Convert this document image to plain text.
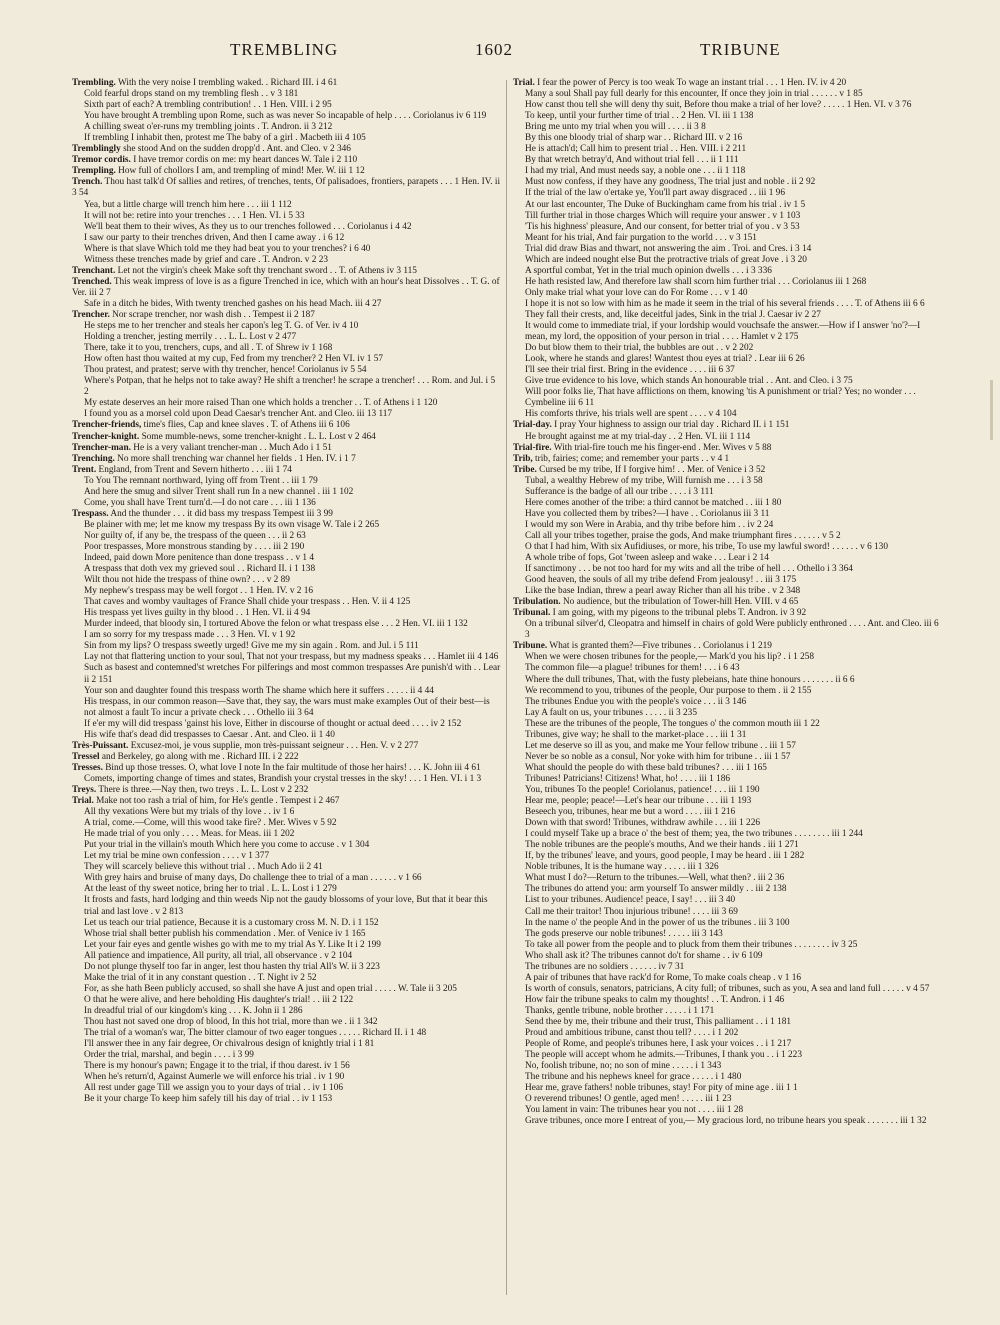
TREMBLING	1602	TRIBUNE

Trembling. With the very noise I trembling waked. . Richard III. i 4 61

Cold fearful drops stand on my trembling flesh . . v 3 181

Sixth part of each? A trembling contribution! . . 1 Hen. VIII. i 2 95

You have brought A trembling upon Rome, such as was never So incapable of help . . . . Coriolanus iv 6 119

A chilling sweat o'er-runs my trembling joints . T. Andron. ii 3 212

If trembling I inhabit then, protest me The baby of a girl . Macbeth iii 4 105

Tremblingly she stood And on the sudden dropp'd . Ant. and Cleo. v 2 346

Tremor cordis. I have tremor cordis on me: my heart dances W. Tale i 2 110

Trempling. How full of chollors I am, and trempling of mind! Mer. W. iii 1 12

Trench. Thou hast talk'd Of sallies and retires, of trenches, tents, Of palisadoes, frontiers, parapets . . . 1 Hen. IV. ii 3 54

Yea, but a little charge will trench him here . . . iii 1 112

It will not be: retire into your trenches . . . 1 Hen. VI. i 5 33

We'll beat them to their wives, As they us to our trenches followed . . . Coriolanus i 4 42

I saw our party to their trenches driven, And then I came away . i 6 12

Where is that slave Which told me they had beat you to your trenches? i 6 40

Witness these trenches made by grief and care . T. Andron. v 2 23

Trenchant. Let not the virgin's cheek Make soft thy trenchant sword . . T. of Athens iv 3 115

Trenched. This weak impress of love is as a figure Trenched in ice, which with an hour's heat Dissolves . . T. G. of Ver. iii 2 7

Safe in a ditch he bides, With twenty trenched gashes on his head Mach. iii 4 27

Trencher. Nor scrape trencher, nor wash dish . . Tempest ii 2 187

He steps me to her trencher and steals her capon's leg T. G. of Ver. iv 4 10

Holding a trencher, jesting merrily . . . L. L. Lost v 2 477

There, take it to you, trenchers, cups, and all . T. of Shrew iv 1 168

How often hast thou waited at my cup, Fed from my trencher? 2 Hen VI. iv 1 57

Thou pratest, and pratest; serve with thy trencher, hence! Coriolanus iv 5 54

Where's Potpan, that he helps not to take away? He shift a trencher! he scrape a trencher! . . . Rom. and Jul. i 5 2

My estate deserves an heir more raised Than one which holds a trencher . . T. of Athens i 1 120

I found you as a morsel cold upon Dead Caesar's trencher Ant. and Cleo. iii 13 117

Trencher-friends, time's flies, Cap and knee slaves . T. of Athens iii 6 106

Trencher-knight. Some mumble-news, some trencher-knight . L. L. Lost v 2 464

Trencher-man. He is a very valiant trencher-man . . Much Ado i 1 51

Trenching. No more shall trenching war channel her fields . 1 Hen. IV. i 1 7

Trent. England, from Trent and Severn hitherto . . . iii 1 74

To You The remnant northward, lying off from Trent . . iii 1 79

And here the smug and silver Trent shall run In a new channel . iii 1 102

Come, you shall have Trent turn'd.—I do not care . . . iii 1 136

Trespass. And the thunder . . . it did bass my trespass Tempest iii 3 99

Be plainer with me; let me know my trespass By its own visage W. Tale i 2 265

Nor guilty of, if any be, the trespass of the queen . . . ii 2 63

Poor trespasses, More monstrous standing by . . . . iii 2 190

Indeed, paid down More penitence than done trespass . . v 1 4

A trespass that doth vex my grieved soul . . Richard II. i 1 138

Wilt thou not hide the trespass of thine own? . . . v 2 89

My nephew's trespass may be well forgot . . 1 Hen. IV. v 2 16

That caves and womby vaultages of France Shall chide your trespass . . Hen. V. ii 4 125

His trespass yet lives guilty in thy blood . . 1 Hen. VI. ii 4 94

Murder indeed, that bloody sin, I tortured Above the felon or what trespass else . . . 2 Hen. VI. iii 1 132

I am so sorry for my trespass made . . . 3 Hen. VI. v 1 92

Sin from my lips? O trespass sweetly urged! Give me my sin again . Rom. and Jul. i 5 111

Lay not that flattering unction to your soul, That not your trespass, but my madness speaks . . . Hamlet iii 4 146

Such as basest and contemned'st wretches For pilferings and most common trespasses Are punish'd with . . Lear ii 2 151

Your son and daughter found this trespass worth The shame which here it suffers . . . . . ii 4 44

His trespass, in our common reason—Save that, they say, the wars must make examples Out of their best—is not almost a fault To incur a private check . . . Othello iii 3 64

If e'er my will did trespass 'gainst his love, Either in discourse of thought or actual deed . . . . iv 2 152

His wife that's dead did trespasses to Caesar . Ant. and Cleo. ii 1 40

Très-Puissant. Excusez-moi, je vous supplie, mon très-puissant seigneur . . . Hen. V. v 2 277

Tressel and Berkeley, go along with me . Richard III. i 2 222

Tresses. Bind up those tresses. O, what love I note In the fair multitude of those her hairs! . . . K. John iii 4 61

Comets, importing change of times and states, Brandish your crystal tresses in the sky! . . . 1 Hen. VI. i 1 3

Treys. There is three.—Nay then, two treys . L. L. Lost v 2 232

Trial. Make not too rash a trial of him, for He's gentle . Tempest i 2 467

All thy vexations Were but my trials of thy love . . iv 1 6

A trial, come.—Come, will this wood take fire? . Mer. Wives v 5 92

He made trial of you only . . . . Meas. for Meas. iii 1 202

Put your trial in the villain's mouth Which here you come to accuse . v 1 304

Let my trial be mine own confession . . . . v 1 377

They will scarcely believe this without trial . . Much Ado ii 2 41

With grey hairs and bruise of many days, Do challenge thee to trial of a man . . . . . . v 1 66

At the least of thy sweet notice, bring her to trial . L. L. Lost i 1 279

It frosts and fasts, hard lodging and thin weeds Nip not the gaudy blossoms of your love, But that it bear this trial and last love . v 2 813

Let us teach our trial patience, Because it is a customary cross M. N. D. i 1 152

Whose trial shall better publish his commendation . Mer. of Venice iv 1 165

Let your fair eyes and gentle wishes go with me to my trial As Y. Like It i 2 199

All patience and impatience, All purity, all trial, all observance . v 2 104

Do not plunge thyself too far in anger, lest thou hasten thy trial All's W. ii 3 223

Make the trial of it in any constant question . . T. Night iv 2 52

For, as she hath Been publicly accused, so shall she have A just and open trial . . . . . W. Tale ii 3 205

O that he were alive, and here beholding His daughter's trial! . . iii 2 122

In dreadful trial of our kingdom's king . . . K. John ii 1 286

Thou hast not saved one drop of blood, In this hot trial, more than we . ii 1 342

The trial of a woman's war, The bitter clamour of two eager tongues . . . . . Richard II. i 1 48

I'll answer thee in any fair degree, Or chivalrous design of knightly trial i 1 81

Order the trial, marshal, and begin . . . . i 3 99

There is my honour's pawn; Engage it to the trial, if thou darest. iv 1 56

When he's return'd, Against Aumerle we will enforce his trial . iv 1 90

All rest under gage Till we assign you to your days of trial . . iv 1 106

Be it your charge To keep him safely till his day of trial . . iv 1 153

Trial. I fear the power of Percy is too weak To wage an instant trial . . . 1 Hen. IV. iv 4 20

Many a soul Shall pay full dearly for this encounter, If once they join in trial . . . . . . v 1 85

How canst thou tell she will deny thy suit, Before thou make a trial of her love? . . . . . 1 Hen. VI. v 3 76

To keep, until your further time of trial . . 2 Hen. VI. iii 1 138

Bring me unto my trial when you will . . . . ii 3 8

By this one bloody trial of sharp war . . Richard III. v 2 16

He is attach'd; Call him to present trial . . Hen. VIII. i 2 211

By that wretch betray'd, And without trial fell . . . ii 1 111

I had my trial, And must needs say, a noble one . . . ii 1 118

Must now confess, if they have any goodness, The trial just and noble . ii 2 92

If the trial of the law o'ertake ye, You'll part away disgraced . . iii 1 96

At our last encounter, The Duke of Buckingham came from his trial . iv 1 5

Till further trial in those charges Which will require your answer . v 1 103

'Tis his highness' pleasure, And our consent, for better trial of you . v 3 53

Meant for his trial, And fair purgation to the world . . . v 3 151

Trial did draw Bias and thwart, not answering the aim . Troi. and Cres. i 3 14

Which are indeed nought else But the protractive trials of great Jove . i 3 20

A sportful combat, Yet in the trial much opinion dwells . . . i 3 336

He hath resisted law, And therefore law shall scorn him further trial . . . Coriolanus iii 1 268

Only make trial what your love can do For Rome . . . v 1 40

I hope it is not so low with him as he made it seem in the trial of his several friends . . . . T. of Athens iii 6 6

They fall their crests, and, like deceitful jades, Sink in the trial J. Caesar iv 2 27

It would come to immediate trial, if your lordship would vouchsafe the answer.—How if I answer 'no'?—I mean, my lord, the opposition of your person in trial . . . . Hamlet v 2 175

Do but blow them to their trial, the bubbles are out . . v 2 202

Look, where he stands and glares! Wantest thou eyes at trial? . Lear iii 6 26

I'll see their trial first. Bring in the evidence . . . . iii 6 37

Give true evidence to his love, which stands An honourable trial . . Ant. and Cleo. i 3 75

Will poor folks lie, That have afflictions on them, knowing 'tis A punishment or trial? Yes; no wonder . . . Cymbeline iii 6 11

His comforts thrive, his trials well are spent . . . . v 4 104

Trial-day. I pray Your highness to assign our trial day . Richard II. i 1 151

He brought against me at my trial-day . . 2 Hen. VI. iii 1 114

Trial-fire. With trial-fire touch me his finger-end . Mer. Wives v 5 88

Trib, trib, fairies; come; and remember your parts . . v 4 1

Tribe. Cursed be my tribe, If I forgive him! . . Mer. of Venice i 3 52

Tubal, a wealthy Hebrew of my tribe, Will furnish me . . . i 3 58

Sufferance is the badge of all our tribe . . . . i 3 111

Here comes another of the tribe: a third cannot be matched . . iii 1 80

Have you collected them by tribes?—I have . . Coriolanus iii 3 11

I would my son Were in Arabia, and thy tribe before him . . iv 2 24

Call all your tribes together, praise the gods, And make triumphant fires . . . . . . v 5 2

O that I had him, With six Aufidiuses, or more, his tribe, To use my lawful sword! . . . . . . v 6 130

A whole tribe of fops, Got 'tween asleep and wake . . . Lear i 2 14

If sanctimony . . . be not too hard for my wits and all the tribe of hell . . . Othello i 3 364

Good heaven, the souls of all my tribe defend From jealousy! . . iii 3 175

Like the base Indian, threw a pearl away Richer than all his tribe . v 2 348

Tribulation. No audience, but the tribulation of Tower-hill Hen. VIII. v 4 65

Tribunal. I am going, with my pigeons to the tribunal plebs T. Andron. iv 3 92

On a tribunal silver'd, Cleopatra and himself in chairs of gold Were publicly enthroned . . . . Ant. and Cleo. iii 6 3

Tribune. What is granted them?—Five tribunes . . Coriolanus i 1 219

When we were chosen tribunes for the people,— Mark'd you his lip? . i 1 258

The common file—a plague! tribunes for them! . . . i 6 43

Where the dull tribunes, That, with the fusty plebeians, hate thine honours . . . . . . . ii 6 6

We recommend to you, tribunes of the people, Our purpose to them . ii 2 155

The tribunes Endue you with the people's voice . . . ii 3 146

Lay A fault on us, your tribunes . . . . . ii 3 235

These are the tribunes of the people, The tongues o' the common mouth iii 1 22

Tribunes, give way; he shall to the market-place . . . iii 1 31

Let me deserve so ill as you, and make me Your fellow tribune . . iii 1 57

Never be so noble as a consul, Nor yoke with him for tribune . . iii 1 57

What should the people do with these bald tribunes? . . . iii 1 165

Tribunes! Patricians! Citizens! What, ho! . . . . iii 1 186

You, tribunes To the people! Coriolanus, patience! . . . iii 1 190

Hear me, people; peace!—Let's hear our tribune . . . iii 1 193

Beseech you, tribunes, hear me but a word . . . . iii 1 216

Down with that sword! Tribunes, withdraw awhile . . . iii 1 226

I could myself Take up a brace o' the best of them; yea, the two tribunes . . . . . . . . iii 1 244

The noble tribunes are the people's mouths, And we their hands . iii 1 271

If, by the tribunes' leave, and yours, good people, I may be heard . iii 1 282

Noble tribunes, It is the humane way . . . . . iii 1 326

What must I do?—Return to the tribunes.—Well, what then? . iii 2 36

The tribunes do attend you: arm yourself To answer mildly . . iii 2 138

List to your tribunes. Audience! peace, I say! . . . iii 3 40

Call me their traitor! Thou injurious tribune! . . . . iii 3 69

In the name o' the people And in the power of us the tribunes . iii 3 100

The gods preserve our noble tribunes! . . . . . iii 3 143

To take all power from the people and to pluck from them their tribunes . . . . . . . . iv 3 25

Who shall ask it? The tribunes cannot do't for shame . . iv 6 109

The tribunes are no soldiers . . . . . . iv 7 31

A pair of tribunes that have rack'd for Rome, To make coals cheap . v 1 16

Is worth of consuls, senators, patricians, A city full; of tribunes, such as you, A sea and land full . . . . . v 4 57

How fair the tribune speaks to calm my thoughts! . . T. Andron. i 1 46

Thanks, gentle tribune, noble brother . . . . . i 1 171

Send thee by me, their tribune and their trust, This palliament . . i 1 181

Proud and ambitious tribune, canst thou tell? . . . . i 1 202

People of Rome, and people's tribunes here, I ask your voices . . i 1 217

The people will accept whom he admits.—Tribunes, I thank you . . i 1 223

No, foolish tribune, no; no son of mine . . . . . i 1 343

The tribune and his nephews kneel for grace . . . . . i 1 480

Hear me, grave fathers! noble tribunes, stay! For pity of mine age . iii 1 1

O reverend tribunes! O gentle, aged men! . . . . . iii 1 23

You lament in vain: The tribunes hear you not . . . . iii 1 28

Grave tribunes, once more I entreat of you,— My gracious lord, no tribune hears you speak . . . . . . . iii 1 32
